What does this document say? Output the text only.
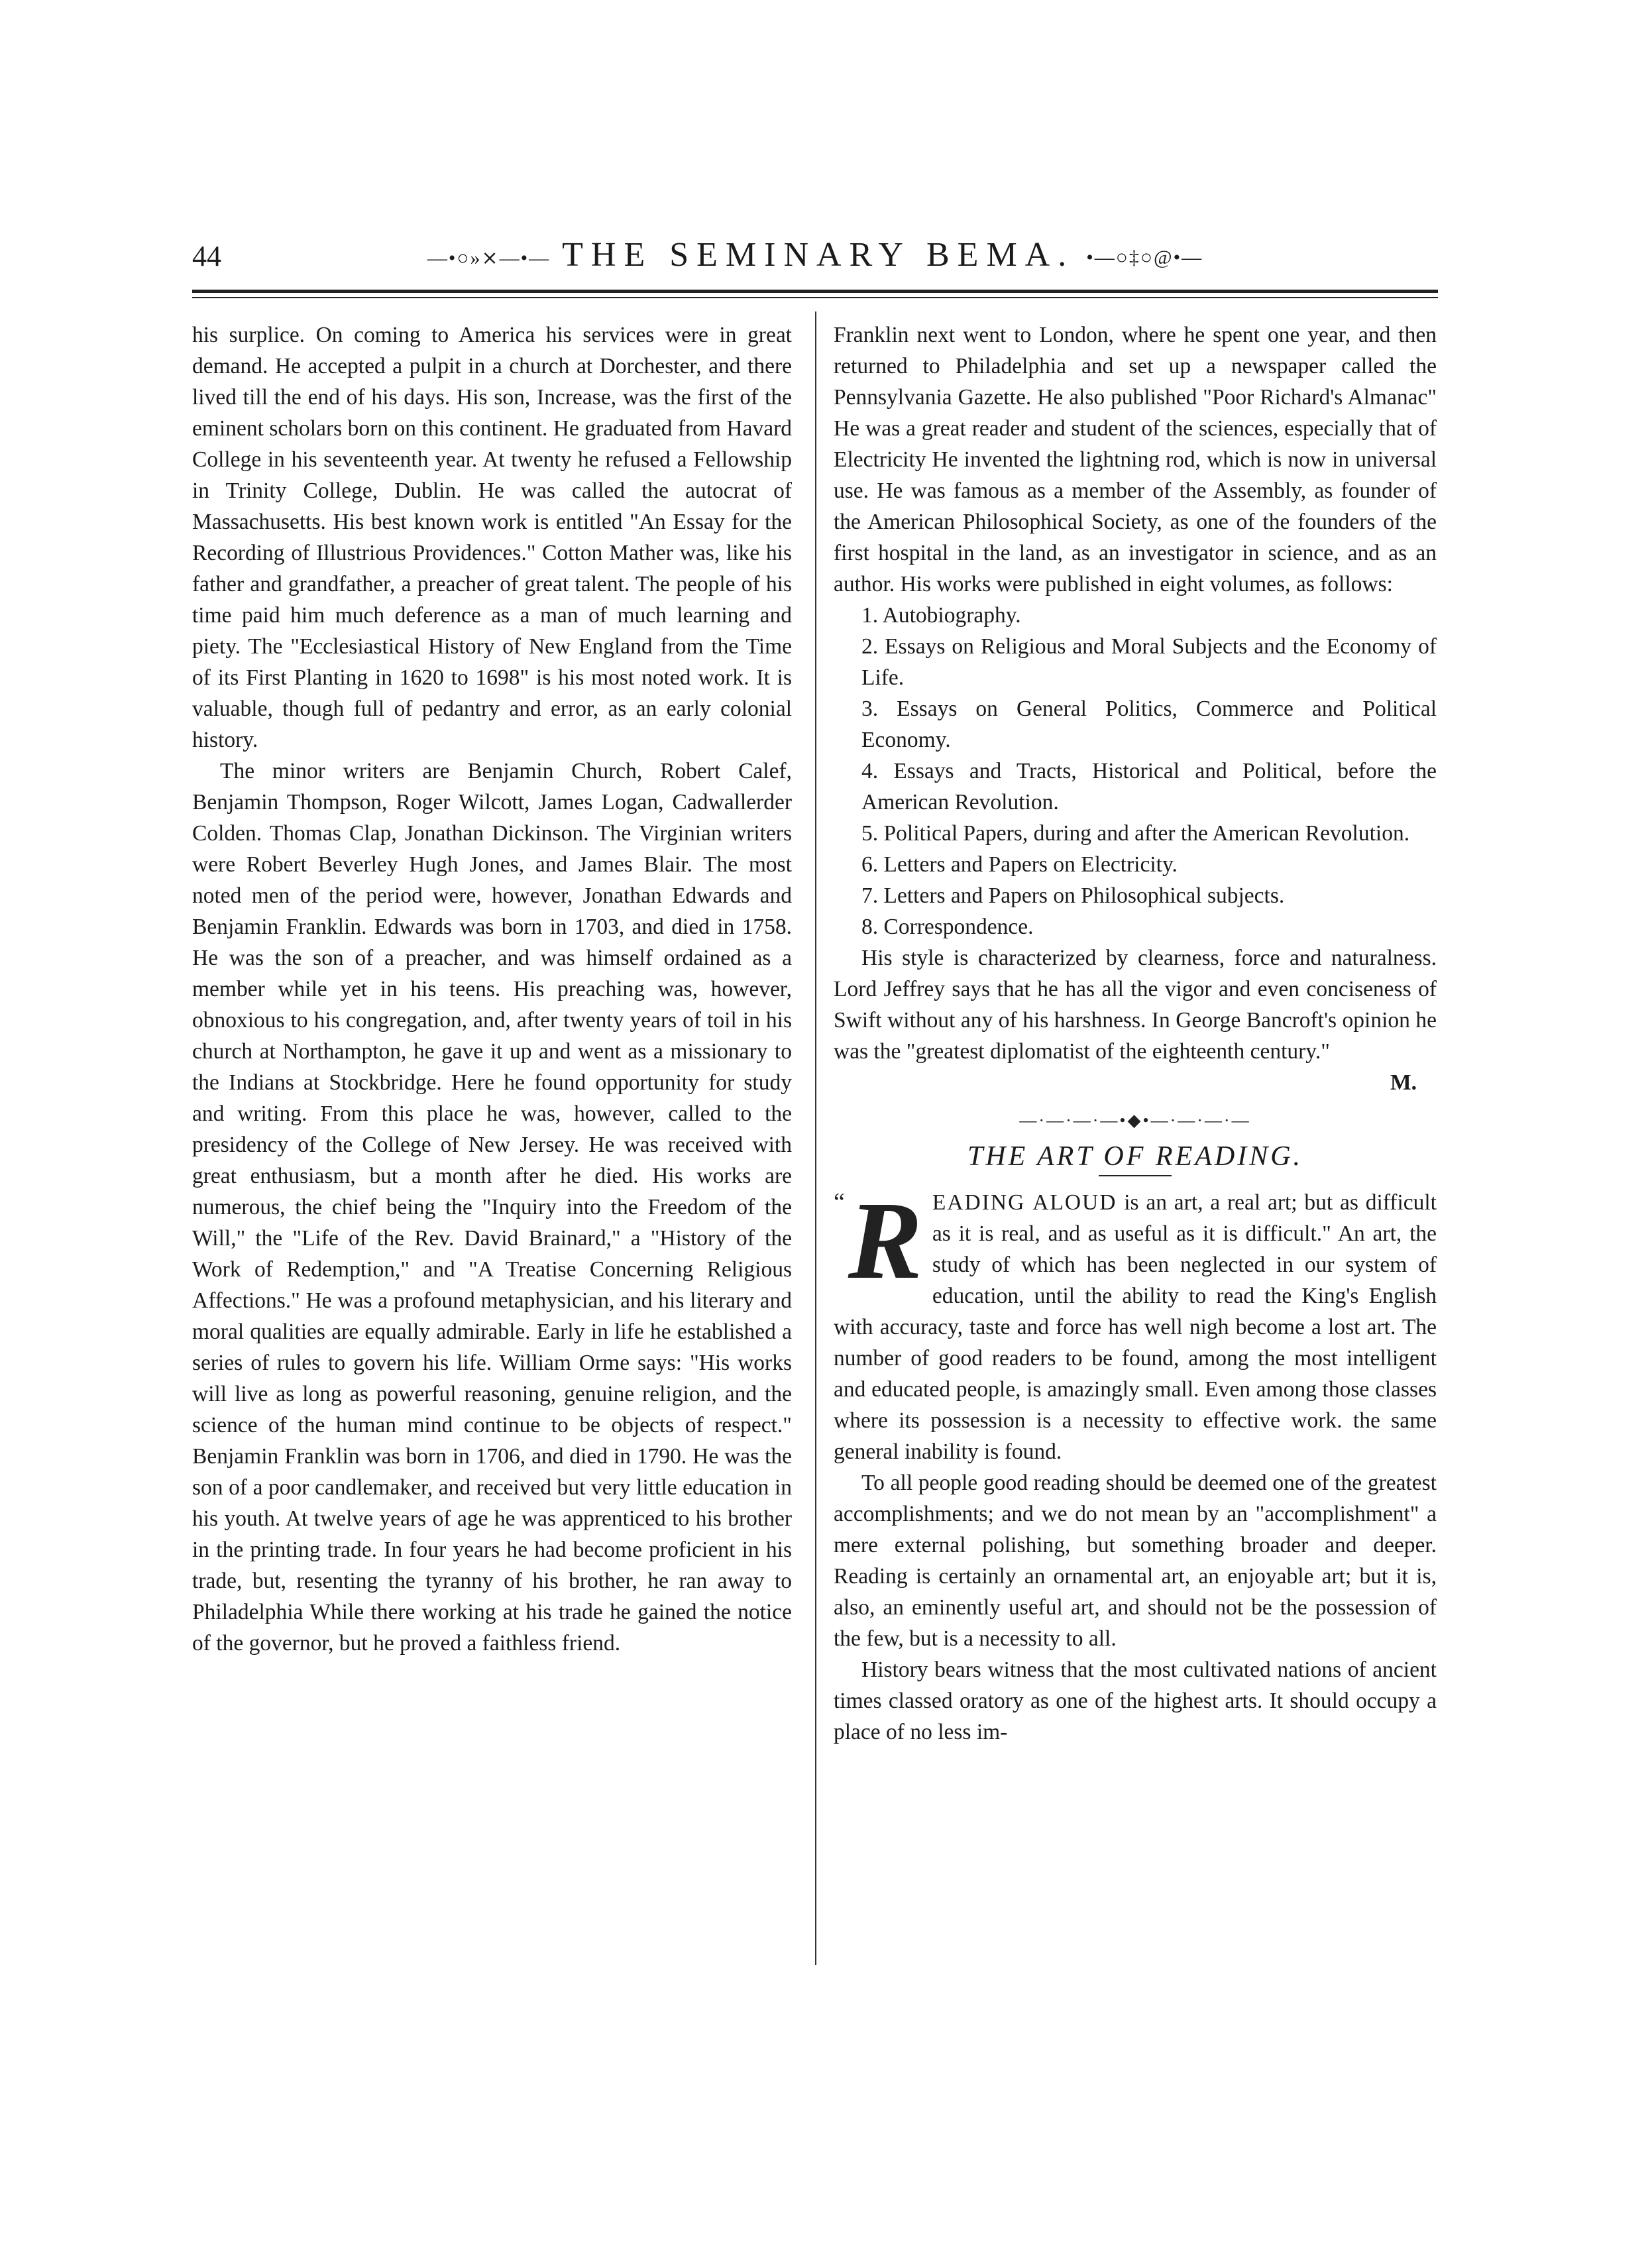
44	—•○»⨯—•— THE SEMINARY BEMA. •—○‡○@•—

his surplice. On coming to America his services were in great demand. He accepted a pulpit in a church at Dorchester, and there lived till the end of his days. His son, Increase, was the first of the eminent scholars born on this continent. He graduated from Havard College in his seventeenth year. At twenty he refused a Fellowship in Trinity College, Dublin. He was called the autocrat of Massachusetts. His best known work is entitled "An Essay for the Recording of Illustrious Providences." Cotton Mather was, like his father and grandfather, a preacher of great talent. The people of his time paid him much deference as a man of much learning and piety. The "Ecclesiastical History of New England from the Time of its First Planting in 1620 to 1698" is his most noted work. It is valuable, though full of pedantry and error, as an early colonial history.

The minor writers are Benjamin Church, Robert Calef, Benjamin Thompson, Roger Wilcott, James Logan, Cadwallerder Colden. Thomas Clap, Jonathan Dickinson. The Virginian writers were Robert Beverley Hugh Jones, and James Blair. The most noted men of the period were, however, Jonathan Edwards and Benjamin Franklin. Edwards was born in 1703, and died in 1758. He was the son of a preacher, and was himself ordained as a member while yet in his teens. His preaching was, however, obnoxious to his congregation, and, after twenty years of toil in his church at Northampton, he gave it up and went as a missionary to the Indians at Stockbridge. Here he found opportunity for study and writing. From this place he was, however, called to the presidency of the College of New Jersey. He was received with great enthusiasm, but a month after he died. His works are numerous, the chief being the "Inquiry into the Freedom of the Will," the "Life of the Rev. David Brainard," a "History of the Work of Redemption," and "A Treatise Concerning Religious Affections." He was a profound metaphysician, and his literary and moral qualities are equally admirable. Early in life he established a series of rules to govern his life. William Orme says: "His works will live as long as powerful reasoning, genuine religion, and the science of the human mind continue to be objects of respect." Benjamin Franklin was born in 1706, and died in 1790. He was the son of a poor candlemaker, and received but very little education in his youth. At twelve years of age he was apprenticed to his brother in the printing trade. In four years he had become proficient in his trade, but, resenting the tyranny of his brother, he ran away to Philadelphia While there working at his trade he gained the notice of the governor, but he proved a faithless friend.

Franklin next went to London, where he spent one year, and then returned to Philadelphia and set up a newspaper called the Pennsylvania Gazette. He also published "Poor Richard's Almanac" He was a great reader and student of the sciences, especially that of Electricity He invented the lightning rod, which is now in universal use. He was famous as a member of the Assembly, as founder of the American Philosophical Society, as one of the founders of the first hospital in the land, as an investigator in science, and as an author. His works were published in eight volumes, as follows:

1. Autobiography.

2. Essays on Religious and Moral Subjects and the Economy of Life.

3. Essays on General Politics, Commerce and Political Economy.

4. Essays and Tracts, Historical and Political, before the American Revolution.

5. Political Papers, during and after the American Revolution.

6. Letters and Papers on Electricity.

7. Letters and Papers on Philosophical subjects.

8. Correspondence.

His style is characterized by clearness, force and naturalness. Lord Jeffrey says that he has all the vigor and even conciseness of Swift without any of his harshness. In George Bancroft's opinion he was the "greatest diplomatist of the eighteenth century."

M.

—·—·—·—•◆•—·—·—·—
THE ART OF READING.
“ R EADING ALOUD is an art, a real art; but as difficult as it is real, and as useful as it is difficult." An art, the study of which has been neglected in our system of education, until the ability to read the King's English with accuracy, taste and force has well nigh become a lost art. The number of good readers to be found, among the most intelligent and educated people, is amazingly small. Even among those classes where its possession is a necessity to effective work. the same general inability is found.

To all people good reading should be deemed one of the greatest accomplishments; and we do not mean by an "accomplishment" a mere external polishing, but something broader and deeper. Reading is certainly an ornamental art, an enjoyable art; but it is, also, an eminently useful art, and should not be the possession of the few, but is a necessity to all.

History bears witness that the most cultivated nations of ancient times classed oratory as one of the highest arts. It should occupy a place of no less im-
